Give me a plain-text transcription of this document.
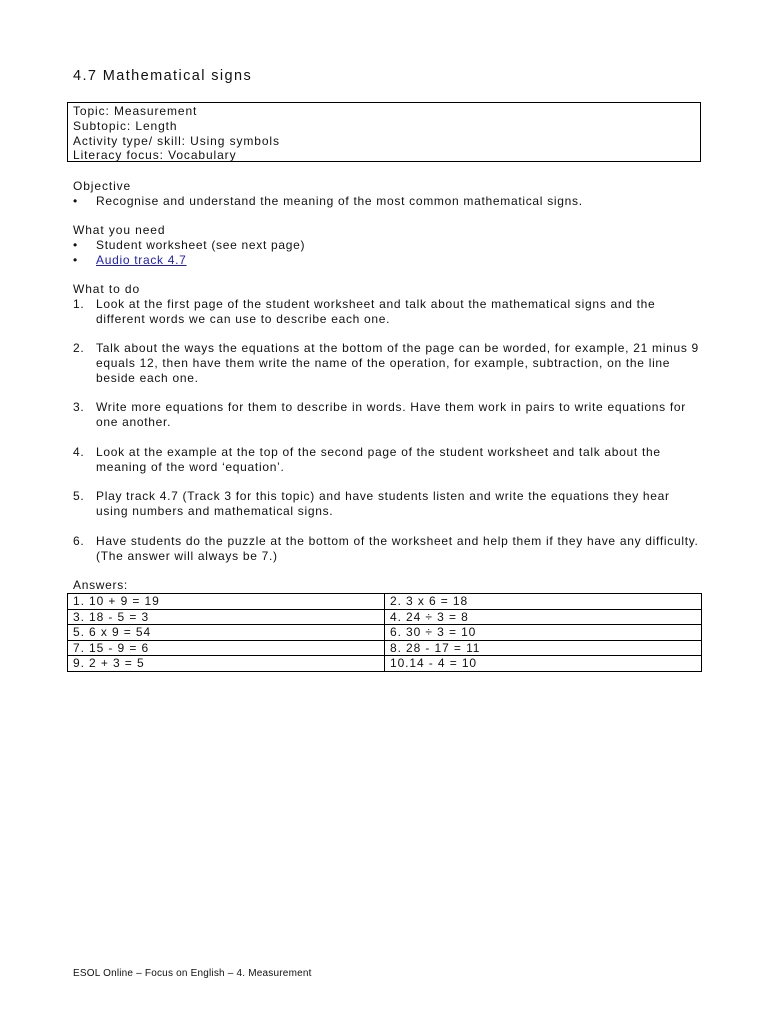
4.7 Mathematical signs
Topic: Measurement
Subtopic: Length
Activity type/ skill: Using symbols
Literacy focus: Vocabulary
Objective
• Recognise and understand the meaning of the most common mathematical signs.
What you need
• Student worksheet (see next page)
• Audio track 4.7
What to do
1. Look at the first page of the student worksheet and talk about the mathematical signs and the different words we can use to describe each one.
2. Talk about the ways the equations at the bottom of the page can be worded, for example, 21 minus 9 equals 12, then have them write the name of the operation, for example, subtraction, on the line beside each one.
3. Write more equations for them to describe in words. Have them work in pairs to write equations for one another.
4. Look at the example at the top of the second page of the student worksheet and talk about the meaning of the word ‘equation’.
5. Play track 4.7 (Track 3 for this topic) and have students listen and write the equations they hear using numbers and mathematical signs.
6. Have students do the puzzle at the bottom of the worksheet and help them if they have any difficulty. (The answer will always be 7.)
Answers:
1. 10 + 9 = 19	2. 3 x 6 = 18
3. 18 - 5 = 3	4. 24 ÷ 3 = 8
5. 6 x 9 = 54	6. 30 ÷ 3 = 10
7. 15 - 9 = 6	8. 28 - 17 = 11
9. 2 + 3 = 5	10.14 - 4 = 10
ESOL Online – Focus on English – 4. Measurement
